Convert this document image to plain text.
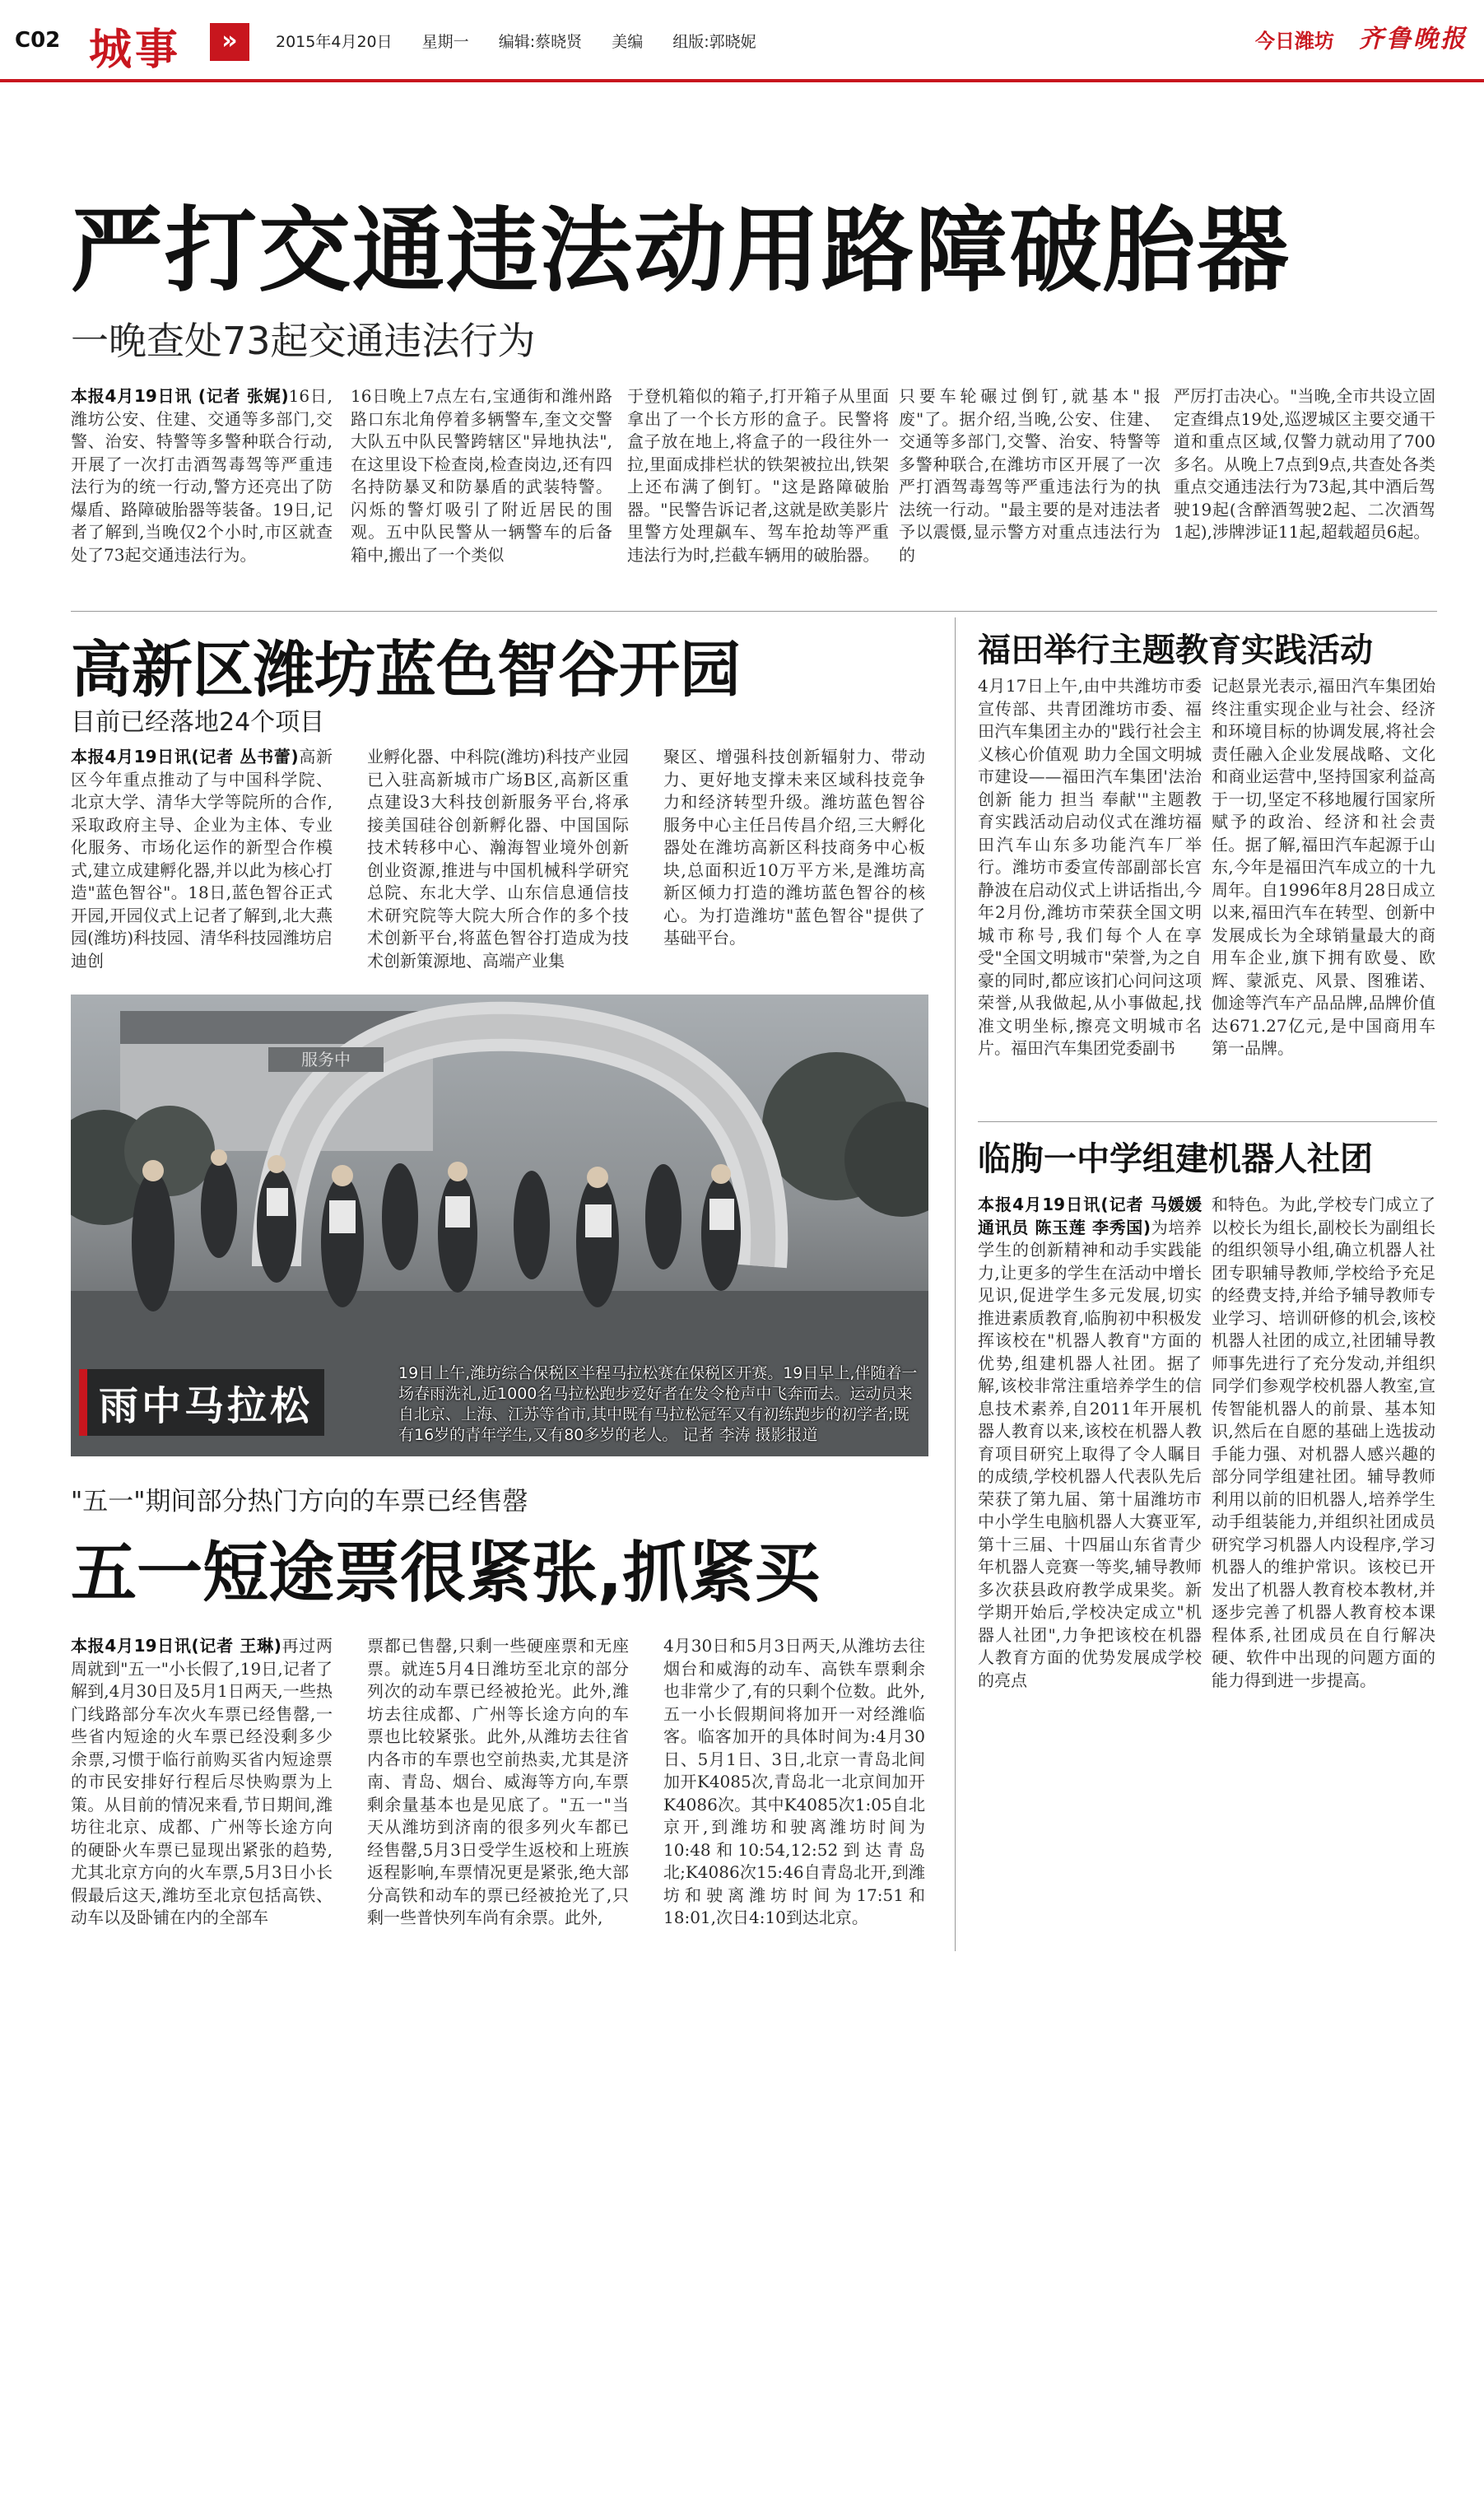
C02 城事	»	2015年4月20日 星期一 编辑:蔡晓贤 美编 组版:郭晓妮	今日潍坊 齐鲁晚报
严打交通违法动用路障破胎器
一晚查处73起交通违法行为
本报4月19日讯 (记者 张娓)16日,潍坊公安、住建、交通等多部门,交警、治安、特警等多警种联合行动,开展了一次打击酒驾毒驾等严重违法行为的统一行动,警方还亮出了防爆盾、路障破胎器等装备。19日,记者了解到,当晚仅2个小时,市区就查处了73起交通违法行为。
16日晚上7点左右,宝通街和潍州路路口东北角停着多辆警车,奎文交警大队五中队民警跨辖区"异地执法",在这里设下检查岗,检查岗边,还有四名持防暴叉和防暴盾的武装特警。闪烁的警灯吸引了附近居民的围观。五中队民警从一辆警车的后备箱中,搬出了一个类似
于登机箱似的箱子,打开箱子从里面拿出了一个长方形的盒子。民警将盒子放在地上,将盒子的一段往外一拉,里面成排栏状的铁架被拉出,铁架上还布满了倒钉。"这是路障破胎器。"民警告诉记者,这就是欧美影片里警方处理飙车、驾车抢劫等严重违法行为时,拦截车辆用的破胎器。
只要车轮碾过倒钉,就基本"报废"了。据介绍,当晚,公安、住建、交通等多部门,交警、治安、特警等多警种联合,在潍坊市区开展了一次严打酒驾毒驾等严重违法行为的执法统一行动。"最主要的是对违法者予以震慑,显示警方对重点违法行为的
严厉打击决心。"当晚,全市共设立固定查缉点19处,巡逻城区主要交通干道和重点区域,仅警力就动用了700多名。从晚上7点到9点,共查处各类重点交通违法行为73起,其中酒后驾驶19起(含醉酒驾驶2起、二次酒驾1起),涉牌涉证11起,超载超员6起。
高新区潍坊蓝色智谷开园
目前已经落地24个项目
本报4月19日讯(记者 丛书蕾)高新区今年重点推动了与中国科学院、北京大学、清华大学等院所的合作,采取政府主导、企业为主体、专业化服务、市场化运作的新型合作模式,建立成建孵化器,并以此为核心打造"蓝色智谷"。18日,蓝色智谷正式开园,开园仪式上记者了解到,北大燕园(潍坊)科技园、清华科技园潍坊启迪创
业孵化器、中科院(潍坊)科技产业园已入驻高新城市广场B区,高新区重点建设3大科技创新服务平台,将承接美国硅谷创新孵化器、中国国际技术转移中心、瀚海智业境外创新创业资源,推进与中国机械科学研究总院、东北大学、山东信息通信技术研究院等大院大所合作的多个技术创新平台,将蓝色智谷打造成为技术创新策源地、高端产业集
聚区、增强科技创新辐射力、带动力、更好地支撑未来区域科技竞争力和经济转型升级。潍坊蓝色智谷服务中心主任吕传昌介绍,三大孵化器处在潍坊高新区科技商务中心板块,总面积近10万平方米,是潍坊高新区倾力打造的潍坊蓝色智谷的核心。为打造潍坊"蓝色智谷"提供了基础平台。
服务中
雨中马拉松
19日上午,潍坊综合保税区半程马拉松赛在保税区开赛。19日早上,伴随着一场春雨洗礼,近1000名马拉松跑步爱好者在发令枪声中飞奔而去。运动员来自北京、上海、江苏等省市,其中既有马拉松冠军又有初练跑步的初学者;既有16岁的青年学生,又有80多岁的老人。 记者 李涛 摄影报道
"五一"期间部分热门方向的车票已经售罄
五一短途票很紧张,抓紧买
本报4月19日讯(记者 王琳)再过两周就到"五一"小长假了,19日,记者了解到,4月30日及5月1日两天,一些热门线路部分车次火车票已经售罄,一些省内短途的火车票已经没剩多少余票,习惯于临行前购买省内短途票的市民安排好行程后尽快购票为上策。从目前的情况来看,节日期间,潍坊往北京、成都、广州等长途方向的硬卧火车票已显现出紧张的趋势,尤其北京方向的火车票,5月3日小长假最后这天,潍坊至北京包括高铁、动车以及卧铺在内的全部车
票都已售罄,只剩一些硬座票和无座票。就连5月4日潍坊至北京的部分列次的动车票已经被抢光。此外,潍坊去往成都、广州等长途方向的车票也比较紧张。此外,从潍坊去往省内各市的车票也空前热卖,尤其是济南、青岛、烟台、威海等方向,车票剩余量基本也是见底了。"五一"当天从潍坊到济南的很多列火车都已经售罄,5月3日受学生返校和上班族返程影响,车票情况更是紧张,绝大部分高铁和动车的票已经被抢光了,只剩一些普快列车尚有余票。此外,
4月30日和5月3日两天,从潍坊去往烟台和威海的动车、高铁车票剩余也非常少了,有的只剩个位数。此外,五一小长假期间将加开一对经潍临客。临客加开的具体时间为:4月30日、5月1日、3日,北京一青岛北间加开K4085次,青岛北一北京间加开K4086次。其中K4085次1:05自北京开,到潍坊和驶离潍坊时间为10:48和10:54,12:52到达青岛北;K4086次15:46自青岛北开,到潍坊和驶离潍坊时间为17:51和18:01,次日4:10到达北京。
福田举行主题教育实践活动
4月17日上午,由中共潍坊市委宣传部、共青团潍坊市委、福田汽车集团主办的"践行社会主义核心价值观 助力全国文明城市建设——福田汽车集团'法治创新 能力 担当 奉献'"主题教育实践活动启动仪式在潍坊福田汽车山东多功能汽车厂举行。潍坊市委宣传部副部长宫静波在启动仪式上讲话指出,今年2月份,潍坊市荣获全国文明城市称号,我们每个人在享受"全国文明城市"荣誉,为之自豪的同时,都应该扪心问问这项荣誉,从我做起,从小事做起,找准文明坐标,擦亮文明城市名片。福田汽车集团党委副书
记赵景光表示,福田汽车集团始终注重实现企业与社会、经济和环境目标的协调发展,将社会责任融入企业发展战略、文化和商业运营中,坚持国家利益高于一切,坚定不移地履行国家所赋予的政治、经济和社会责任。据了解,福田汽车起源于山东,今年是福田汽车成立的十九周年。自1996年8月28日成立以来,福田汽车在转型、创新中发展成长为全球销量最大的商用车企业,旗下拥有欧曼、欧辉、蒙派克、风景、图雅诺、伽途等汽车产品品牌,品牌价值达671.27亿元,是中国商用车第一品牌。
临朐一中学组建机器人社团
本报4月19日讯(记者 马媛媛 通讯员 陈玉莲 李秀国)为培养学生的创新精神和动手实践能力,让更多的学生在活动中增长见识,促进学生多元发展,切实推进素质教育,临朐初中积极发挥该校在"机器人教育"方面的优势,组建机器人社团。据了解,该校非常注重培养学生的信息技术素养,自2011年开展机器人教育以来,该校在机器人教育项目研究上取得了令人瞩目的成绩,学校机器人代表队先后荣获了第九届、第十届潍坊市中小学生电脑机器人大赛亚军,第十三届、十四届山东省青少年机器人竞赛一等奖,辅导教师多次获县政府教学成果奖。新学期开始后,学校决定成立"机器人社团",力争把该校在机器人教育方面的优势发展成学校的亮点
和特色。为此,学校专门成立了以校长为组长,副校长为副组长的组织领导小组,确立机器人社团专职辅导教师,学校给予充足的经费支持,并给予辅导教师专业学习、培训研修的机会,该校机器人社团的成立,社团辅导教师事先进行了充分发动,并组织同学们参观学校机器人教室,宣传智能机器人的前景、基本知识,然后在自愿的基础上选拔动手能力强、对机器人感兴趣的部分同学组建社团。辅导教师利用以前的旧机器人,培养学生动手组装能力,并组织社团成员研究学习机器人内设程序,学习机器人的维护常识。该校已开发出了机器人教育校本教材,并逐步完善了机器人教育校本课程体系,社团成员在自行解决硬、软件中出现的问题方面的能力得到进一步提高。
